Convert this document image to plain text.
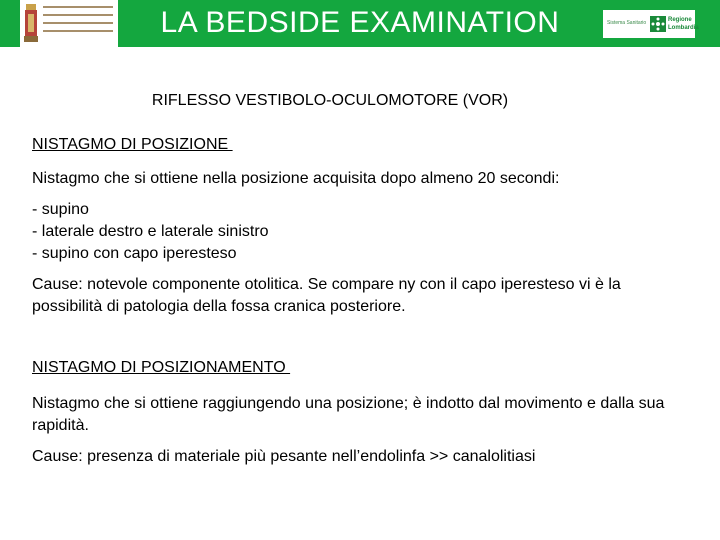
LA BEDSIDE EXAMINATION	Sistema Sanitario	Regione Lombardia
RIFLESSO VESTIBOLO-OCULOMOTORE (VOR)
NISTAGMO DI POSIZIONE
Nistagmo che si ottiene nella posizione acquisita dopo almeno 20 secondi:
- supino
- laterale destro e laterale sinistro
- supino con capo iperesteso
Cause: notevole componente otolitica. Se compare ny con il capo iperesteso vi è la possibilità di patologia della fossa cranica posteriore.
NISTAGMO DI POSIZIONAMENTO
Nistagmo che si ottiene raggiungendo una posizione; è indotto dal movimento e dalla sua rapidità.
Cause: presenza di materiale più pesante nell’endolinfa >> canalolitiasi
